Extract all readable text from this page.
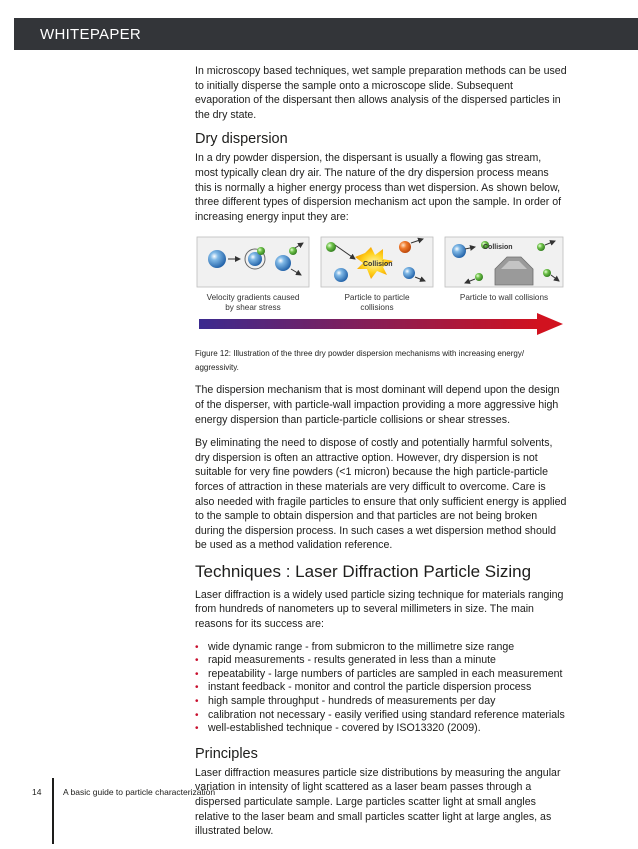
WHITEPAPER

In microscopy based techniques, wet sample preparation methods can be used to initially disperse the sample onto a microscope slide. Subsequent evaporation of the dispersant then allows analysis of the dispersed particles in the dry state.

Dry dispersion

In a dry powder dispersion, the dispersant is usually a flowing gas stream, most typically clean dry air. The nature of the dry dispersion process means this is normally a higher energy process than wet dispersion. As shown below, three different types of dispersion mechanism act upon the sample. In order of increasing energy input they are:

Collision
Collision
Velocity gradients caused
by shear stress
Particle to particle
collisions
Particle to wall collisions
Figure 12: Illustration of the three dry powder dispersion mechanisms with increasing energy/ aggressivity.

The dispersion mechanism that is most dominant will depend upon the design of the disperser, with particle-wall impaction providing a more aggressive high energy dispersion than particle-particle collisions or shear stresses.

By eliminating the need to dispose of costly and potentially harmful solvents, dry dispersion is often an attractive option. However, dry dispersion is not suitable for very fine powders (<1 micron) because the high particle-particle forces of attraction in these materials are very difficult to overcome. Care is also needed with fragile particles to ensure that only sufficient energy is applied to the sample to obtain dispersion and that particles are not being broken during the dispersion process. In such cases a wet dispersion method should be used as a method validation reference.

Techniques : Laser Diffraction Particle Sizing

Laser diffraction is a widely used particle sizing technique for materials ranging from hundreds of nanometers up to several millimeters in size. The main reasons for its success are:

• wide dynamic range - from submicron to the millimetre size range
• rapid measurements - results generated in less than a minute
• repeatability - large numbers of particles are sampled in each measurement
• instant feedback - monitor and control the particle dispersion process
• high sample throughput - hundreds of measurements per day
• calibration not necessary - easily verified using standard reference materials
• well-established technique - covered by ISO13320 (2009).
Principles

Laser diffraction measures particle size distributions by measuring the angular variation in intensity of light scattered as a laser beam passes through a dispersed particulate sample. Large particles scatter light at small angles relative to the laser beam and small particles scatter light at large angles, as illustrated below.

14	A basic guide to particle characterization
